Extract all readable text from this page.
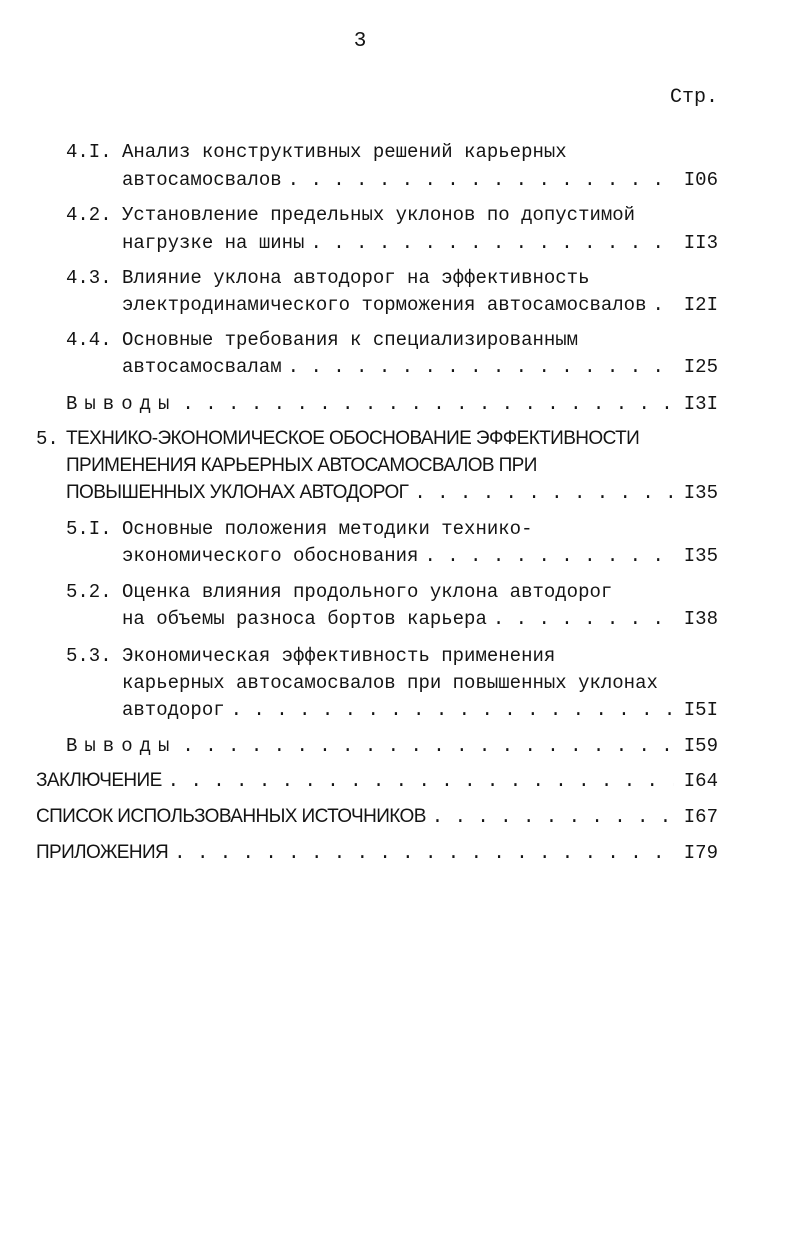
3
Стр.
4.I. Анализ конструктивных решений карьерных
автосамосвалов . . .	I06
4.2. Установление предельных уклонов по допустимой
нагрузке на шины . . .	II3
4.3. Влияние уклона автодорог на эффективность
электродинамического торможения автосамосвалов . . . I2I
4.4. Основные требования к специализированным
автосамосвалам . . .	I25
Выводы . . .	I3I
5. ТЕХНИКО-ЭКОНОМИЧЕСКОЕ ОБОСНОВАНИЕ ЭФФЕКТИВНОСТИ
ПРИМЕНЕНИЯ КАРЬЕРНЫХ АВТОСАМОСВАЛОВ ПРИ
ПОВЫШЕННЫХ УКЛОНАХ АВТОДОРОГ . . .	I35
5.I. Основные положения методики технико-
экономического обоснования . . .	I35
5.2. Оценка влияния продольного уклона автодорог
на объемы разноса бортов карьера . . .	I38
5.3. Экономическая эффективность применения
карьерных автосамосвалов при повышенных уклонах
автодорог . . .	I5I
Выводы . . .	I59
ЗАКЛЮЧЕНИЕ . . .	I64
СПИСОК ИСПОЛЬЗОВАННЫХ ИСТОЧНИКОВ . . .	I67
ПРИЛОЖЕНИЯ . . .	I79
